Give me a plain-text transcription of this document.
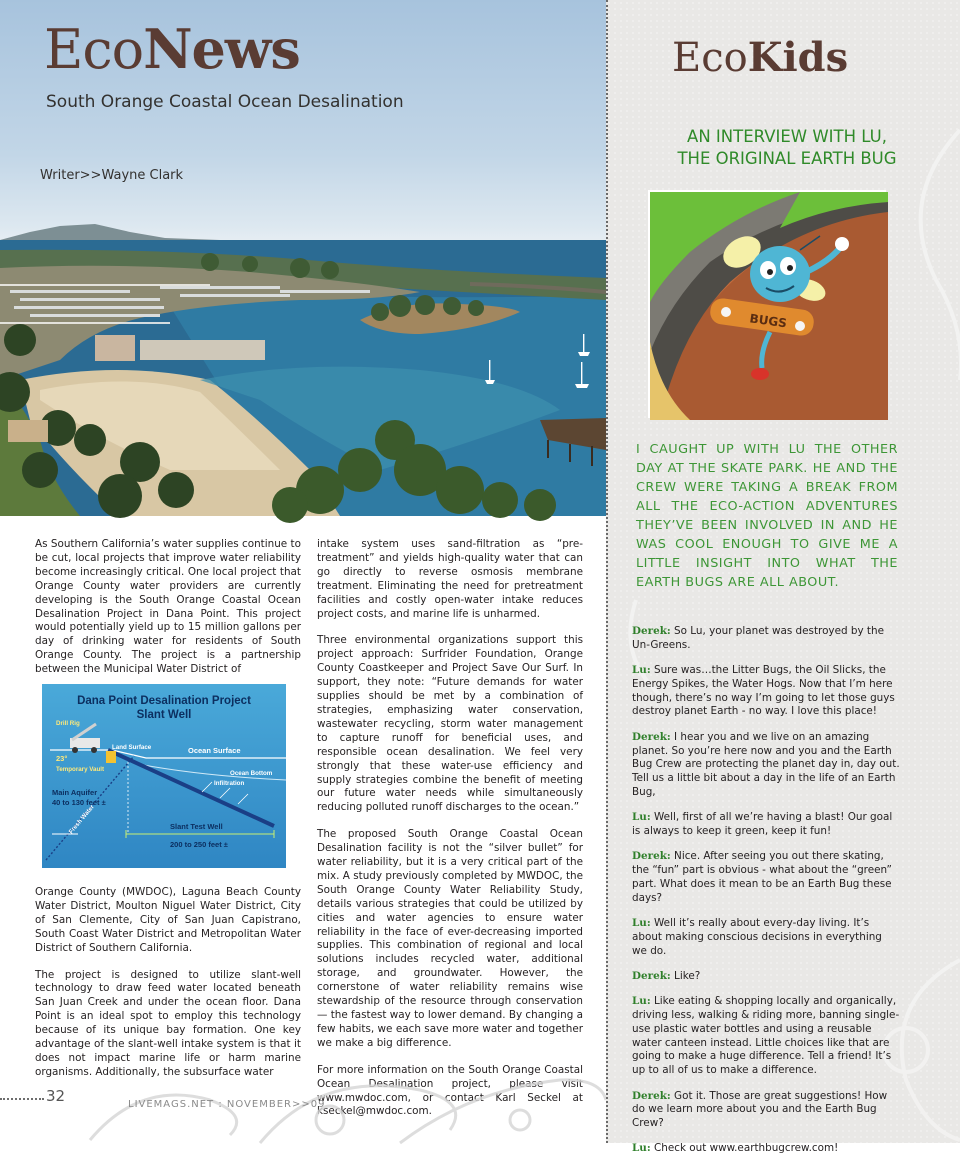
EcoNews
South Orange Coastal Ocean Desalination
Writer>>Wayne Clark

As Southern California’s water supplies continue to be cut, local projects that improve water reliability become increasingly critical. One local project that Orange County water providers are currently developing is the South Orange Coastal Ocean Desalination Project in Dana Point. This project would potentially yield up to 15 million gallons per day of drinking water for residents of South Orange County. The project is a partnership between the Municipal Water District of

Dana Point Desalination Project
Slant Well
Drill Rig
Land Surface	Ocean Surface
Ocean Bottom
23°
Temporary Vault
Infiltration
Main Aquifer
40 to 130 feet ±
Fresh Water	Slant Test Well
200 to 250 feet ±

Orange County (MWDOC), Laguna Beach County Water District, Moulton Niguel Water District, City of San Clemente, City of San Juan Capistrano, South Coast Water District and Metropolitan Water District of Southern California.

The project is designed to utilize slant-well technology to draw feed water located beneath San Juan Creek and under the ocean floor. Dana Point is an ideal spot to employ this technology because of its unique bay formation. One key advantage of the slant-well intake system is that it does not impact marine life or harm marine organisms. Additionally, the subsurface water

intake system uses sand-filtration as “pre-treatment” and yields high-quality water that can go directly to reverse osmosis membrane treatment. Eliminating the need for pretreatment facilities and costly open-water intake reduces project costs, and marine life is unharmed.

Three environmental organizations support this project approach: Surfrider Foundation, Orange County Coastkeeper and Project Save Our Surf. In support, they note: “Future demands for water supplies should be met by a combination of strategies, emphasizing water conservation, wastewater recycling, storm water management to capture runoff for beneficial uses, and responsible ocean desalination. We feel very strongly that these water-use efficiency and supply strategies combine the benefit of meeting our future water needs while simultaneously reducing polluted runoff discharges to the ocean.”

The proposed South Orange Coastal Ocean Desalination facility is not the “silver bullet” for water reliability, but it is a very critical part of the mix. A study previously completed by MWDOC, the South Orange County Water Reliability Study, details various strategies that could be utilized by cities and water agencies to ensure water reliability in the face of ever-decreasing imported supplies. This combination of regional and local solutions includes recycled water, additional storage, and groundwater. However, the cornerstone of water reliability remains wise stewardship of the resource through conservation — the fastest way to lower demand. By changing a few habits, we each save more water and together we make a big difference.

For more information on the South Orange Coastal Ocean Desalination project, please visit www.mwdoc.com, or contact Karl Seckel at kseckel@mwdoc.com.

32	LIVEMAGS.NET : NOVEMBER>>09
EcoKids
AN INTERVIEW WITH LU,
THE ORIGINAL EARTH BUG
BUGS
I CAUGHT UP WITH LU THE OTHER DAY AT THE SKATE PARK. HE AND THE CREW WERE TAKING A BREAK FROM ALL THE ECO-ACTION ADVENTURES THEY’VE BEEN INVOLVED IN AND HE WAS COOL ENOUGH TO GIVE ME A LITTLE INSIGHT INTO WHAT THE EARTH BUGS ARE ALL ABOUT.

Derek: So Lu, your planet was destroyed by the Un-Greens.

Lu: Sure was…the Litter Bugs, the Oil Slicks, the Energy Spikes, the Water Hogs. Now that I’m here though, there’s no way I’m going to let those guys destroy planet Earth - no way. I love this place!

Derek: I hear you and we live on an amazing planet. So you’re here now and you and the Earth Bug Crew are protecting the planet day in, day out. Tell us a little bit about a day in the life of an Earth Bug,

Lu: Well, first of all we’re having a blast! Our goal is always to keep it green, keep it fun!

Derek: Nice. After seeing you out there skating, the “fun” part is obvious - what about the “green” part. What does it mean to be an Earth Bug these days?

Lu: Well it’s really about every-day living. It’s about making conscious decisions in everything we do.

Derek: Like?

Lu: Like eating & shopping locally and organically, driving less, walking & riding more, banning single-use plastic water bottles and using a reusable water canteen instead. Little choices like that are going to make a huge difference. Tell a friend! It’s up to all of us to make a difference.

Derek: Got it. Those are great suggestions! How do we learn more about you and the Earth Bug Crew?

Lu: Check out www.earthbugcrew.com!
